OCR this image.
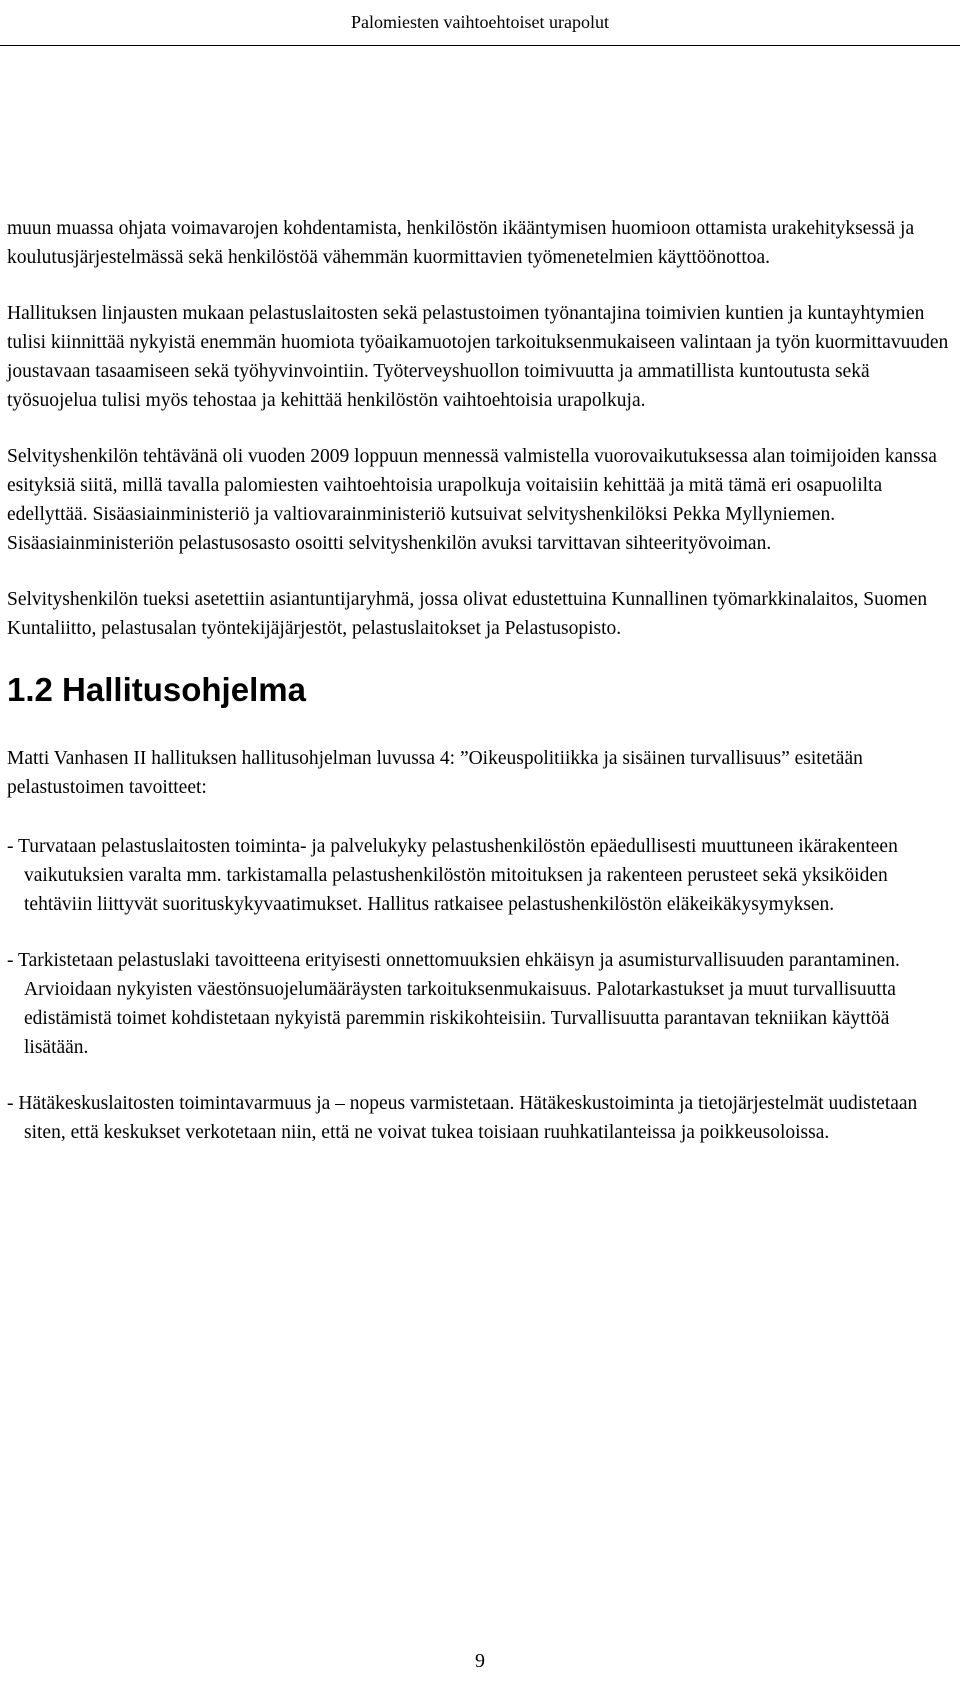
Palomiesten vaihtoehtoiset urapolut

muun muassa ohjata voimavarojen kohdentamista, henkilöstön ikääntymisen huomioon ottamista urakehityksessä ja koulutusjärjestelmässä sekä henkilöstöä vähemmän kuormittavien työmenetelmien käyttöönottoa.

Hallituksen linjausten mukaan pelastuslaitosten sekä pelastustoimen työnantajina toimivien kuntien ja kuntayhtymien tulisi kiinnittää nykyistä enemmän huomiota työaikamuotojen tarkoituksenmukaiseen valintaan ja työn kuormittavuuden joustavaan tasaamiseen sekä työhyvinvointiin. Työterveyshuollon toimivuutta ja ammatillista kuntoutusta sekä työsuojelua tulisi myös tehostaa ja kehittää henkilöstön vaihtoehtoisia urapolkuja.

Selvityshenkilön tehtävänä oli vuoden 2009 loppuun mennessä valmistella vuorovaikutuksessa alan toimijoiden kanssa esityksiä siitä, millä tavalla palomiesten vaihtoehtoisia urapolkuja voitaisiin kehittää ja mitä tämä eri osapuolilta edellyttää. Sisäasiainministeriö ja valtiovarainministeriö kutsuivat selvityshenkilöksi Pekka Myllyniemen. Sisäasiainministeriön pelastusosasto osoitti selvityshenkilön avuksi tarvittavan sihteerityövoiman.

Selvityshenkilön tueksi asetettiin asiantuntijaryhmä, jossa olivat edustettuina Kunnallinen työmarkkinalaitos, Suomen Kuntaliitto, pelastusalan työntekijäjärjestöt, pelastuslaitokset ja Pelastusopisto.

1.2 Hallitusohjelma

Matti Vanhasen II hallituksen hallitusohjelman luvussa 4: ”Oikeuspolitiikka ja sisäinen turvallisuus” esitetään pelastustoimen tavoitteet:

- Turvataan pelastuslaitosten toiminta- ja palvelukyky pelastushenkilöstön epäedullisesti muuttuneen ikärakenteen vaikutuksien varalta mm. tarkistamalla pelastushenkilöstön mitoituksen ja rakenteen perusteet sekä yksiköiden tehtäviin liittyvät suorituskykyvaatimukset. Hallitus ratkaisee pelastushenkilöstön eläkeikäkysymyksen.

- Tarkistetaan pelastuslaki tavoitteena erityisesti onnettomuuksien ehkäisyn ja asumisturvallisuuden parantaminen. Arvioidaan nykyisten väestönsuojelumääräysten tarkoituksenmukaisuus. Palotarkastukset ja muut turvallisuutta edistämistä toimet kohdistetaan nykyistä paremmin riskikohteisiin. Turvallisuutta parantavan tekniikan käyttöä lisätään.

- Hätäkeskuslaitosten toimintavarmuus ja – nopeus varmistetaan. Hätäkeskustoiminta ja tietojärjestelmät uudistetaan siten, että keskukset verkotetaan niin, että ne voivat tukea toisiaan ruuhkatilanteissa ja poikkeusoloissa.

9
